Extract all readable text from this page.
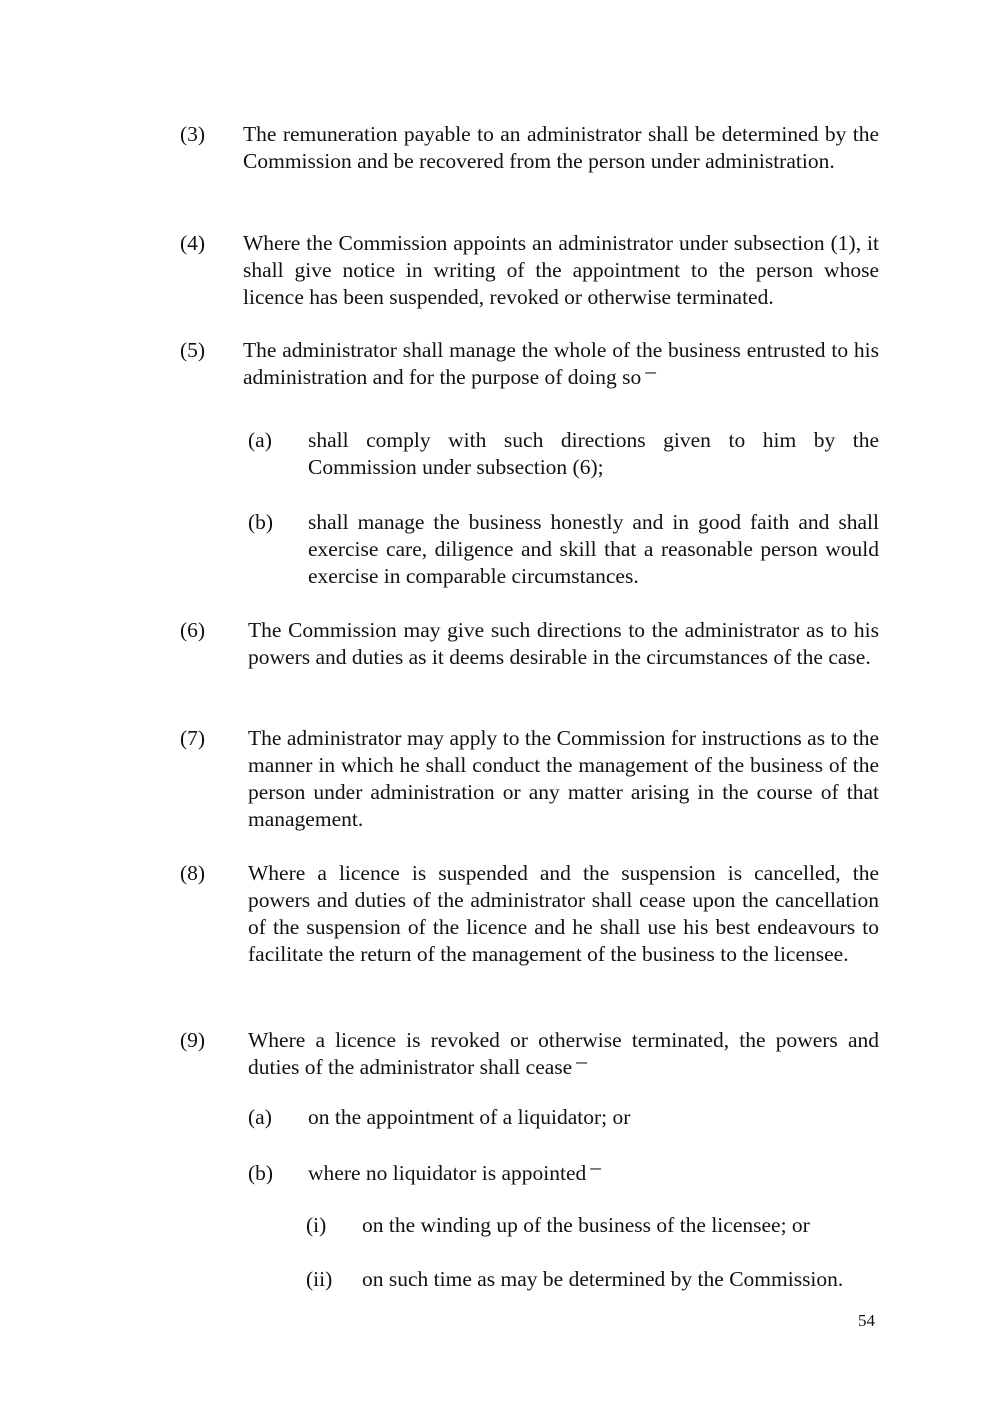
(3) The remuneration payable to an administrator shall be determined by the Commission and be recovered from the person under administration.
(4) Where the Commission appoints an administrator under subsection (1), it shall give notice in writing of the appointment to the person whose licence has been suspended, revoked or otherwise terminated.
(5) The administrator shall manage the whole of the business entrusted to his administration and for the purpose of doing so –
(a) shall comply with such directions given to him by the Commission under subsection (6);
(b) shall manage the business honestly and in good faith and shall exercise care, diligence and skill that a reasonable person would exercise in comparable circumstances.
(6) The Commission may give such directions to the administrator as to his powers and duties as it deems desirable in the circumstances of the case.
(7) The administrator may apply to the Commission for instructions as to the manner in which he shall conduct the management of the business of the person under administration or any matter arising in the course of that management.
(8) Where a licence is suspended and the suspension is cancelled, the powers and duties of the administrator shall cease upon the cancellation of the suspension of the licence and he shall use his best endeavours to facilitate the return of the management of the business to the licensee.
(9) Where a licence is revoked or otherwise terminated, the powers and duties of the administrator shall cease –
(a) on the appointment of a liquidator; or
(b) where no liquidator is appointed –
(i) on the winding up of the business of the licensee; or
(ii) on such time as may be determined by the Commission.
54
